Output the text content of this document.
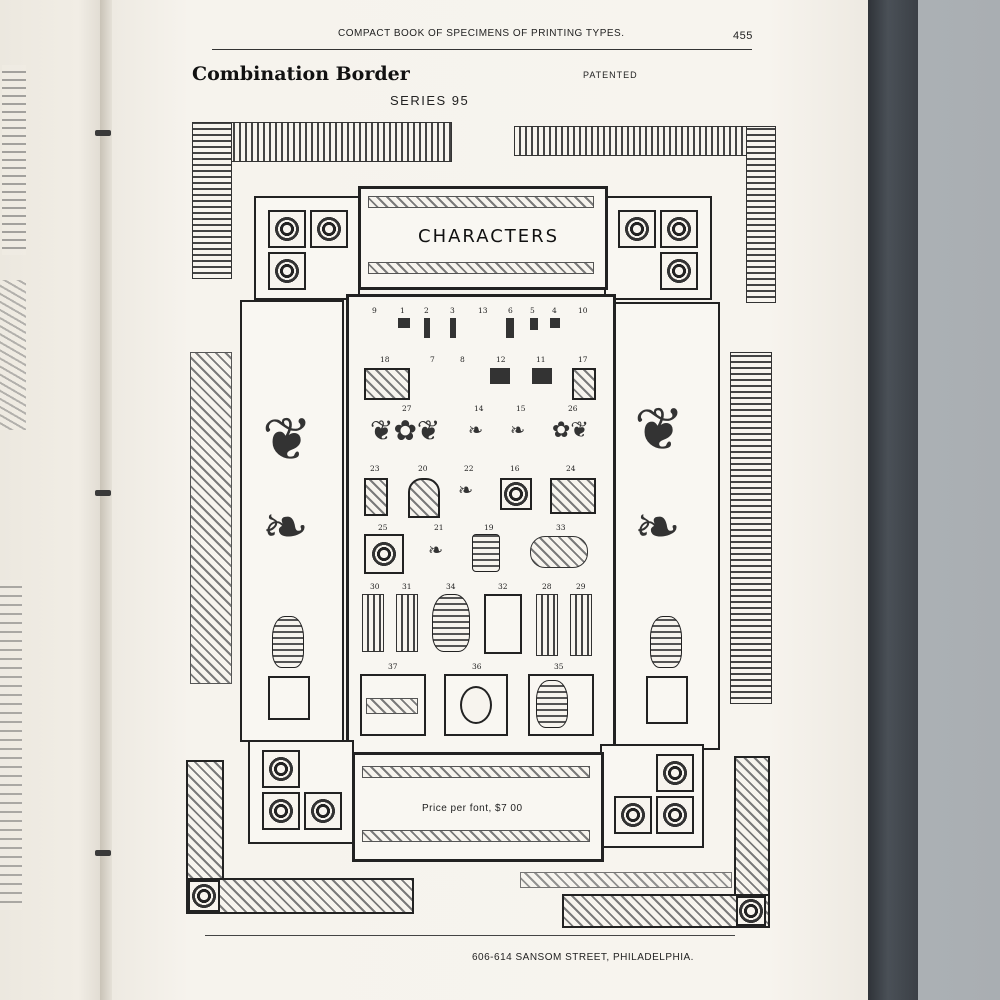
COMPACT BOOK OF SPECIMENS OF PRINTING TYPES.	455
Combination Border	PATENTED
SERIES 95
CHARACTERS
❦
❧
❦
❧
9	1	2	3	13	6 5 4	10
18	7	8	12	11	17
27	14	15	26
❦✿❦ ❧ ❧ ✿❦
23	20	22	16	24
❧
25	21	19	33
❧
30	31	34	32	28	29
37	36	35
Price per font, $7 00
606-614 SANSOM STREET, PHILADELPHIA.
